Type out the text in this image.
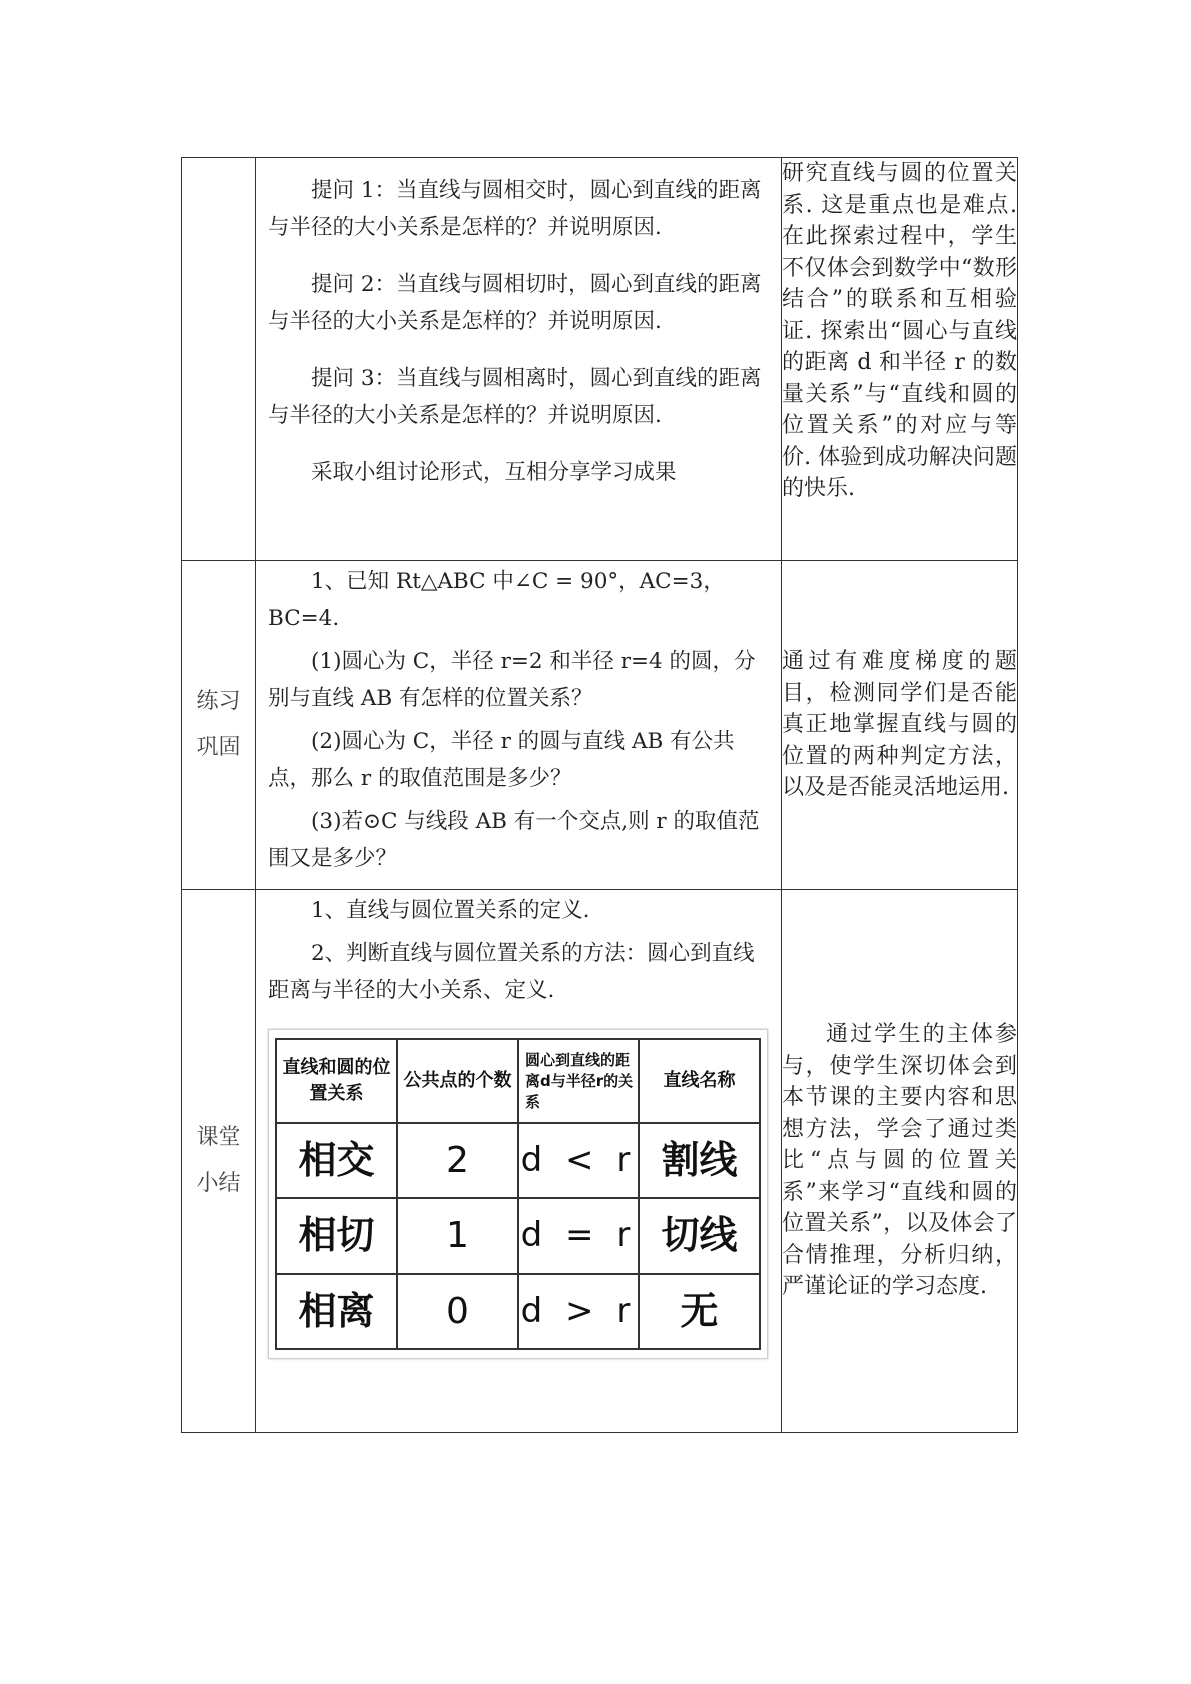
提问 1：当直线与圆相交时，圆心到直线的距离与半径的大小关系是怎样的？并说明原因.

提问 2：当直线与圆相切时，圆心到直线的距离与半径的大小关系是怎样的？并说明原因.

提问 3：当直线与圆相离时，圆心到直线的距离与半径的大小关系是怎样的？并说明原因.

采取小组讨论形式，互相分享学习成果

	研究直线与圆的位置关系. 这是重点也是难点. 在此探索过程中，学生不仅体会到数学中“数形结合”的联系和互相验证. 探索出“圆心与直线的距离 d 和半径 r 的数量关系”与“直线和圆的位置关系”的对应与等价. 体验到成功解决问题的快乐.

练习
巩固

1、已知 Rt△ABC 中∠C = 90°，AC=3，BC=4.

(1)圆心为 C，半径 r=2 和半径 r=4 的圆，分别与直线 AB 有怎样的位置关系？

(2)圆心为 C，半径 r 的圆与直线 AB 有公共点，那么 r 的取值范围是多少？

(3)若⊙C 与线段 AB 有一个交点,则 r 的取值范围又是多少？

	通过有难度梯度的题目，检测同学们是否能真正地掌握直线与圆的位置的两种判定方法，以及是否能灵活地运用.

课堂
小结

1、直线与圆位置关系的定义.

2、判断直线与圆位置关系的方法：圆心到直线距离与半径的大小关系、定义.

直线和圆的位置关系	公共点的个数	圆心到直线的距离d与半径r的关系	直线名称
相交	2	d < r	割线
相切	1	d = r	切线
相离	0	d > r	无
	通过学生的主体参与，使学生深切体会到本节课的主要内容和思想方法，学会了通过类比“点与圆的位置关系”来学习“直线和圆的位置关系”，以及体会了合情推理，分析归纳，严谨论证的学习态度.
